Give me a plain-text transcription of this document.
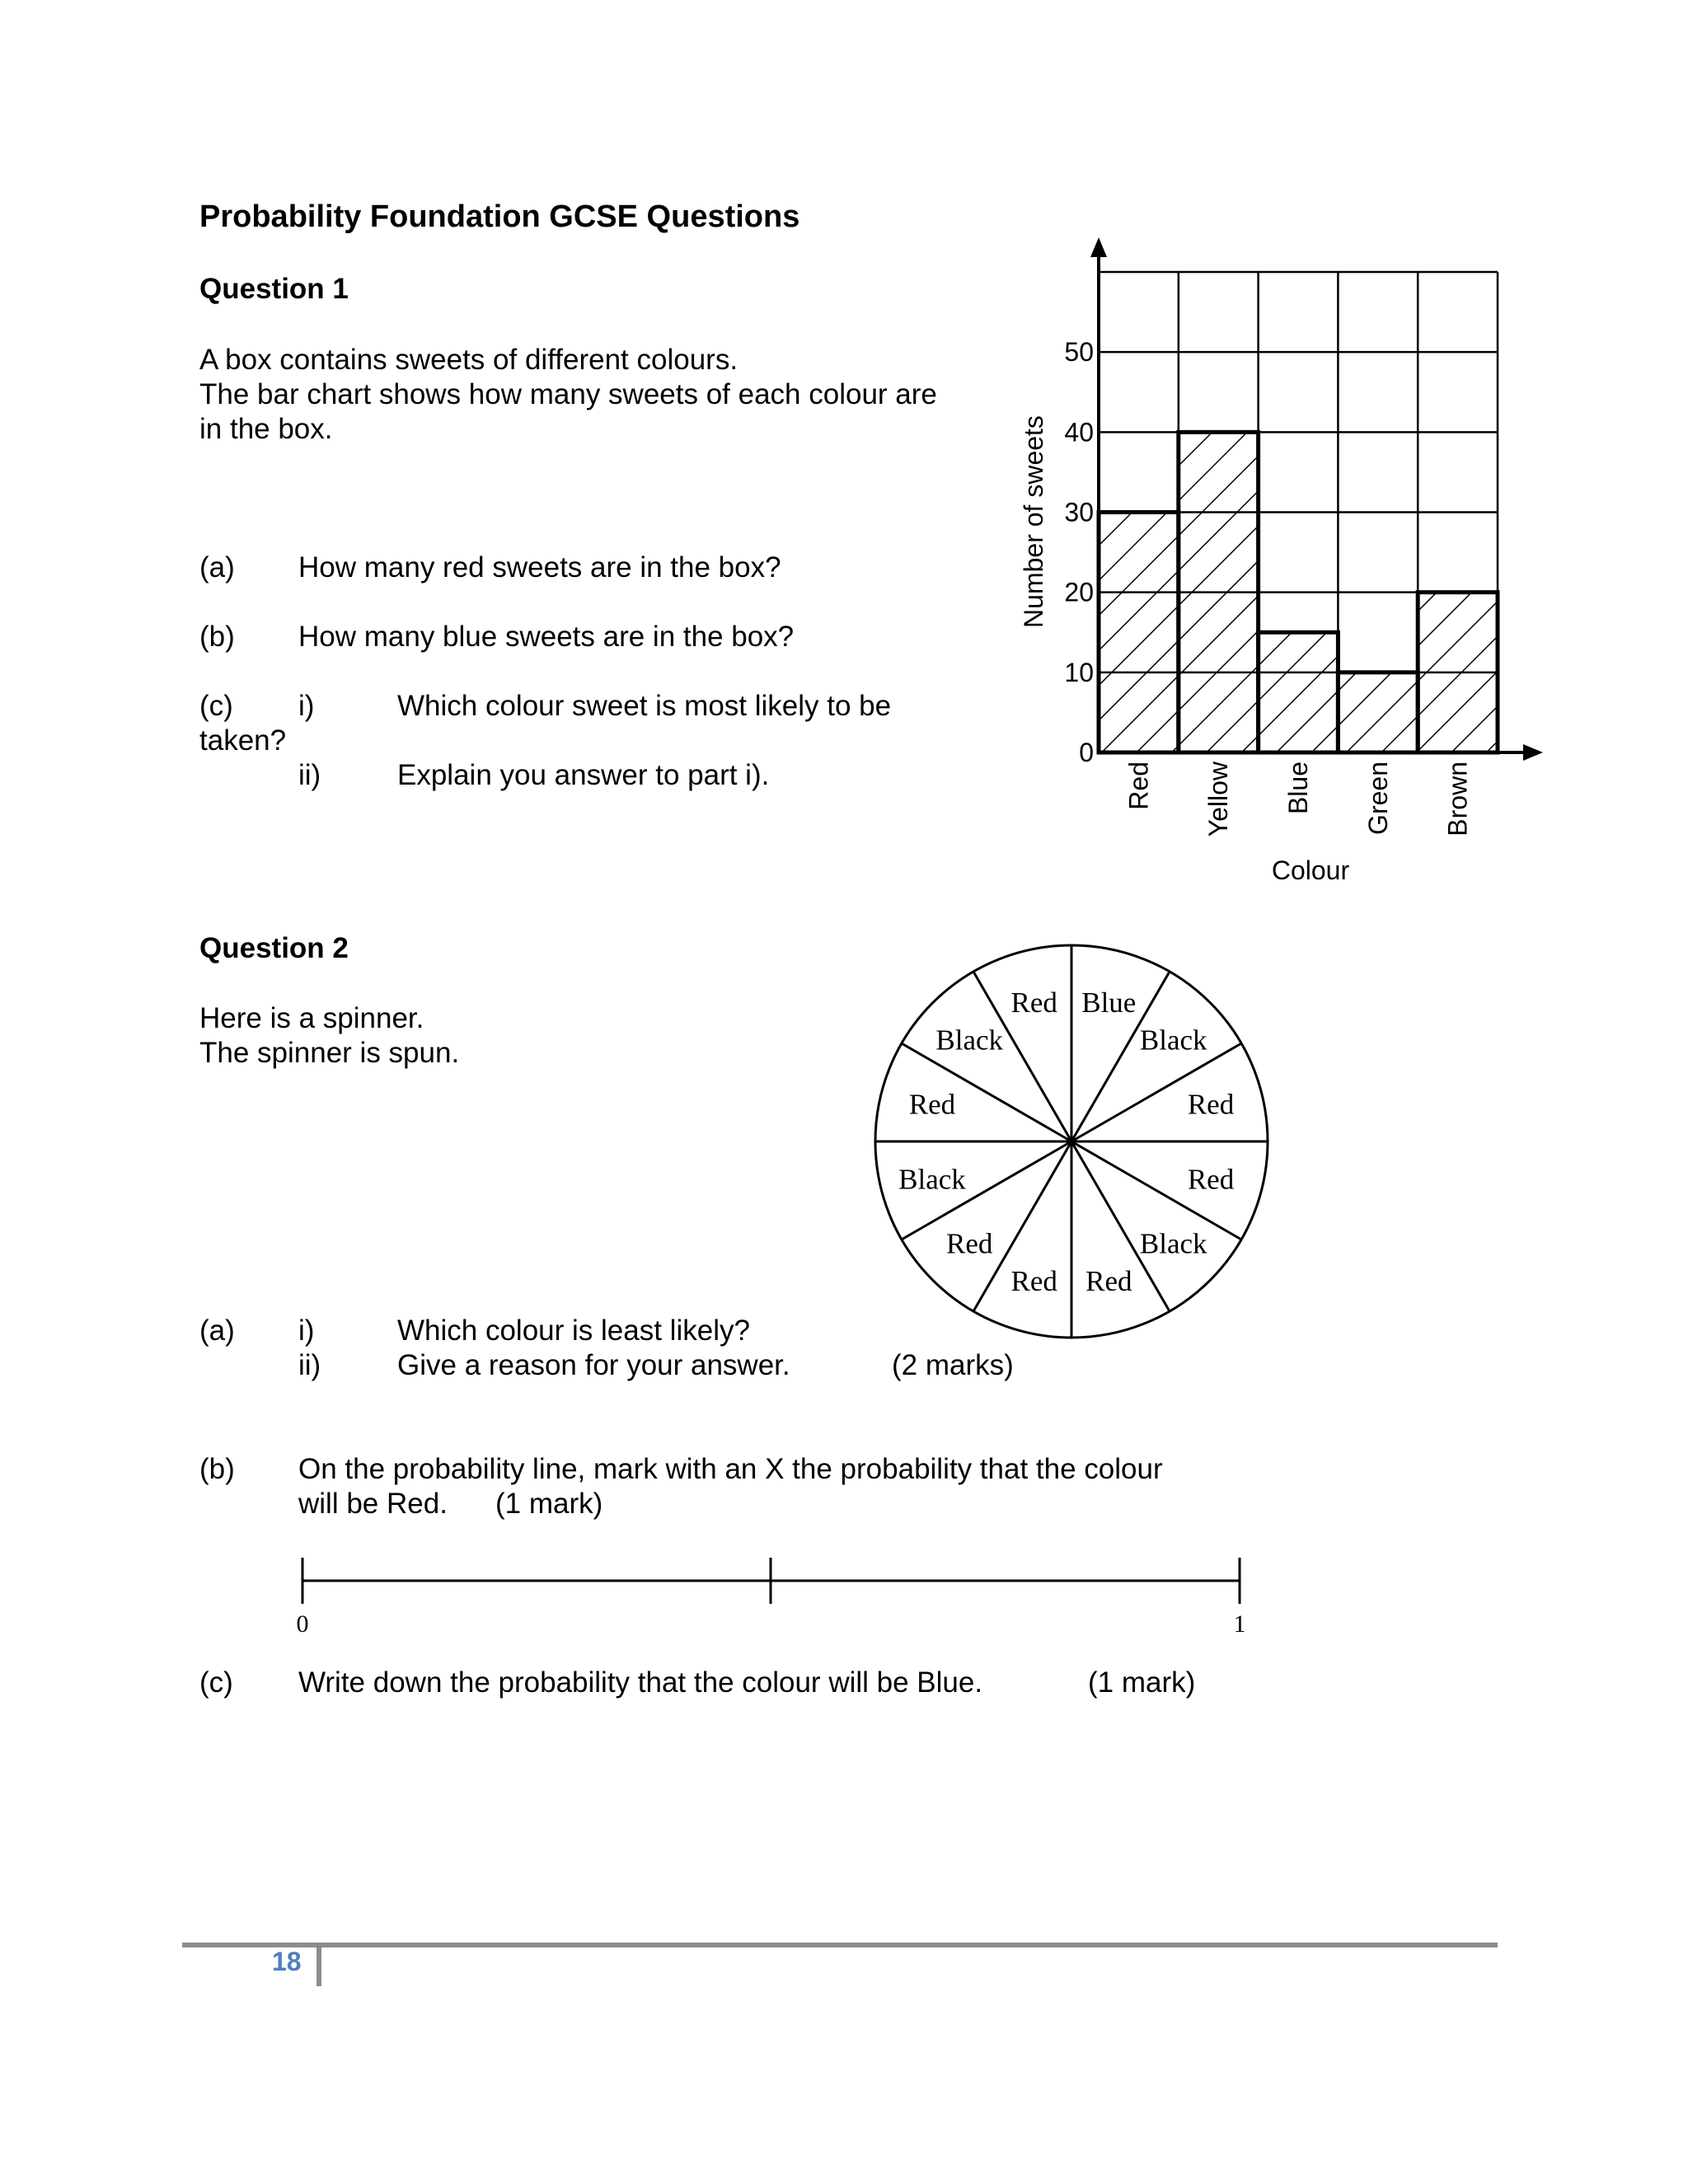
Probability Foundation GCSE Questions
Question 1
A box contains sweets of different colours.
The bar chart shows how many sweets of each colour are
in the box.
(a) How many red sweets are in the box?
(b) How many blue sweets are in the box?
(c) i)	Which colour sweet is most likely to be
taken?
ii)	Explain you answer to part i).
0
10
20
30
40
50
Red Yellow Blue Green Brown
Number of sweets
Colour
Question 2
Here is a spinner.
The spinner is spun.
Blue
Black
Red
Red
Black
Red
Red
Red
Black
Red
Black
Red
(a) i)	Which colour is least likely?
ii)	Give a reason for your answer.	(2 marks)
(b) On the probability line, mark with an X the probability that the colour
will be Red. (1 mark)
0	1
(c) Write down the probability that the colour will be Blue.	(1 mark)
18
